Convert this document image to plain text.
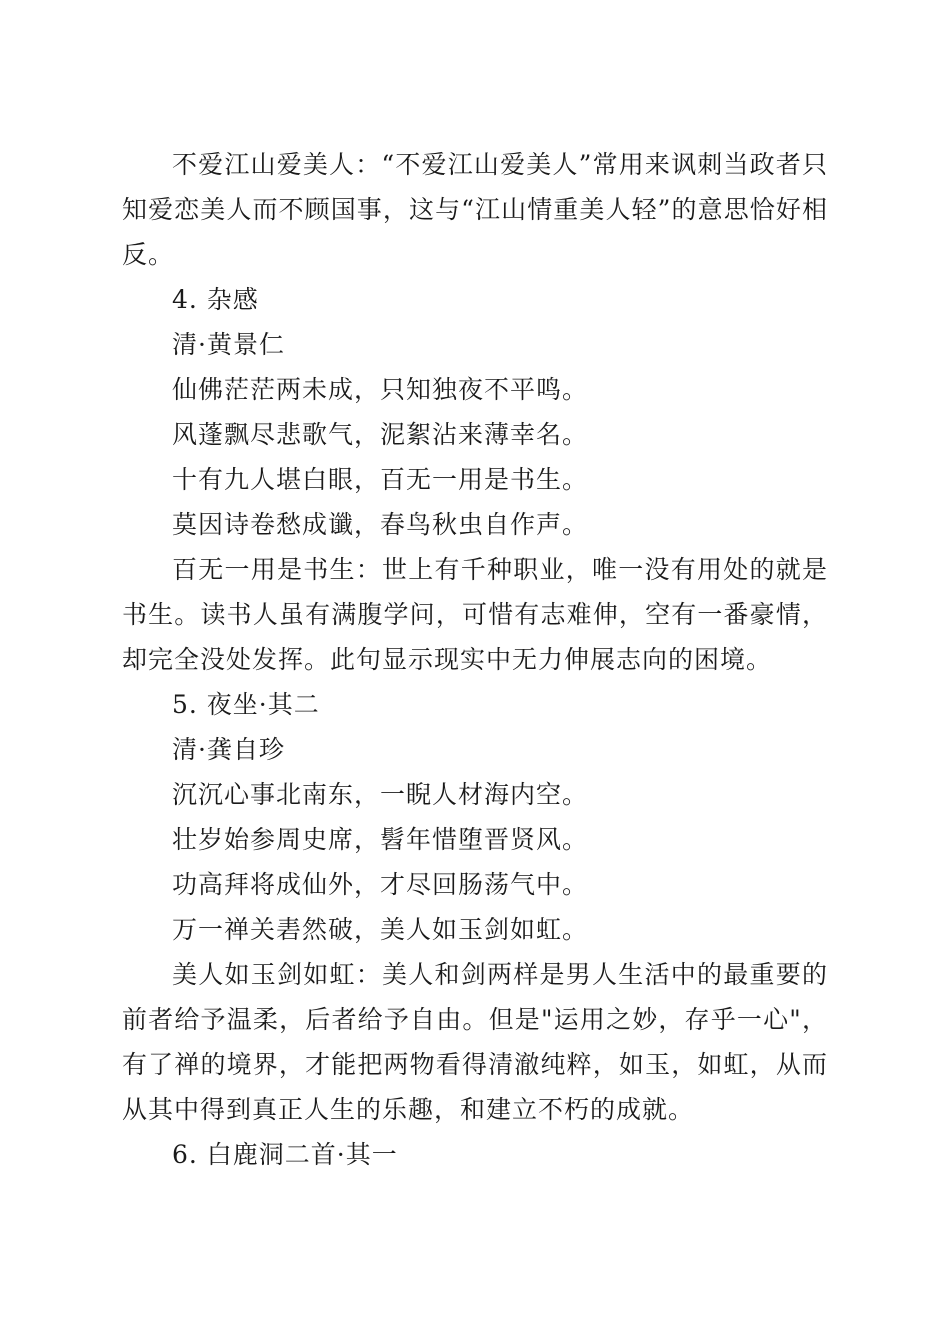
不爱江山爱美人：“不爱江山爱美人”常用来讽刺当政者只知爱恋美人而不顾国事，这与“江山情重美人轻”的意思恰好相反。

4. 杂感

清·黄景仁

仙佛茫茫两未成，只知独夜不平鸣。

风蓬飘尽悲歌气，泥絮沾来薄幸名。

十有九人堪白眼，百无一用是书生。

莫因诗卷愁成谶，春鸟秋虫自作声。

百无一用是书生：世上有千种职业，唯一没有用处的就是书生。读书人虽有满腹学问，可惜有志难伸，空有一番豪情，却完全没处发挥。此句显示现实中无力伸展志向的困境。

5. 夜坐·其二

清·龚自珍

沉沉心事北南东，一睨人材海内空。

壮岁始参周史席，髫年惜堕晋贤风。

功高拜将成仙外，才尽回肠荡气中。

万一禅关砉然破，美人如玉剑如虹。

美人如玉剑如虹：美人和剑两样是男人生活中的最重要的前者给予温柔，后者给予自由。但是"运用之妙，存乎一心"，有了禅的境界，才能把两物看得清澈纯粹，如玉，如虹，从而从其中得到真正人生的乐趣，和建立不朽的成就。

6. 白鹿洞二首·其一
